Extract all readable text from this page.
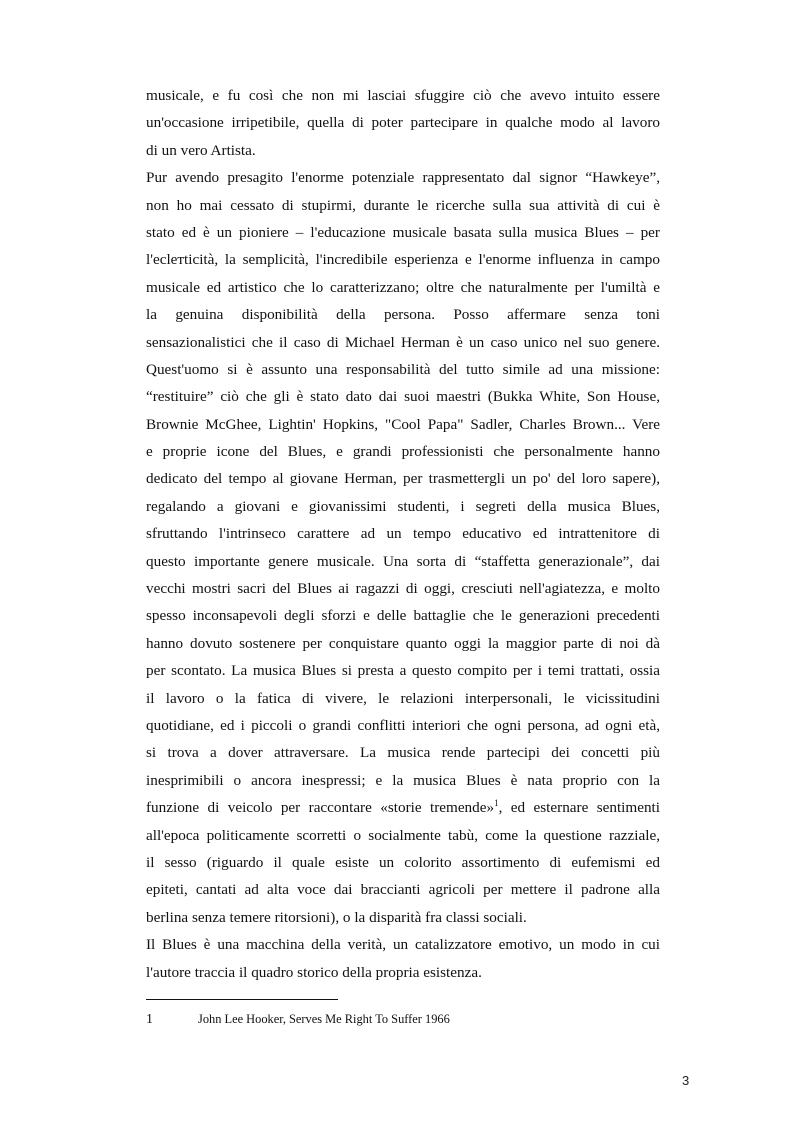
musicale, e fu così che non mi lasciai sfuggire ciò che avevo intuito essere
un'occasione irripetibile, quella di poter partecipare in qualche modo al lavoro
di un vero Artista.
Pur avendo presagito l'enorme potenziale rappresentato dal signor “Hawkeye”,
non ho mai cessato di stupirmi, durante le ricerche sulla sua attività di cui è
stato ed è un pioniere – l'educazione musicale basata sulla musica Blues – per
l'eclетticità, la semplicità, l'incredibile esperienza e l'enorme influenza in campo
musicale ed artistico che lo caratterizzano; oltre che naturalmente per l'umiltà e
la genuina disponibilità della persona. Posso affermare senza toni
sensazionalistici che il caso di Michael Herman è un caso unico nel suo genere.
Quest'uomo si è assunto una responsabilità del tutto simile ad una missione:
“restituire” ciò che gli è stato dato dai suoi maestri (Bukka White, Son House,
Brownie McGhee, Lightin' Hopkins, "Cool Papa" Sadler, Charles Brown... Vere
e proprie icone del Blues, e grandi professionisti che personalmente hanno
dedicato del tempo al giovane Herman, per trasmettergli un po' del loro sapere),
regalando a giovani e giovanissimi studenti, i segreti della musica Blues,
sfruttando l'intrinseco carattere ad un tempo educativo ed intrattenitore di
questo importante genere musicale. Una sorta di “staffetta generazionale”, dai
vecchi mostri sacri del Blues ai ragazzi di oggi, cresciuti nell'agiatezza, e molto
spesso inconsapevoli degli sforzi e delle battaglie che le generazioni precedenti
hanno dovuto sostenere per conquistare quanto oggi la maggior parte di noi dà
per scontato. La musica Blues si presta a questo compito per i temi trattati, ossia
il lavoro o la fatica di vivere, le relazioni interpersonali, le vicissitudini
quotidiane, ed i piccoli o grandi conflitti interiori che ogni persona, ad ogni età,
si trova a dover attraversare. La musica rende partecipi dei concetti più
inesprimibili o ancora inespressi; e la musica Blues è nata proprio con la
funzione di veicolo per raccontare «storie tremende»$^1$, ed esternare sentimenti
all'epoca politicamente scorretti o socialmente tabù, come la questione razziale,
il sesso (riguardo il quale esiste un colorito assortimento di eufemismi ed
epiteti, cantati ad alta voce dai braccianti agricoli per mettere il padrone alla
berlina senza temere ritorsioni), o la disparità fra classi sociali.
Il Blues è una macchina della verità, un catalizzatore emotivo, un modo in cui
l'autore traccia il quadro storico della propria esistenza.
1	John Lee Hooker, Serves Me Right To Suffer 1966
3
